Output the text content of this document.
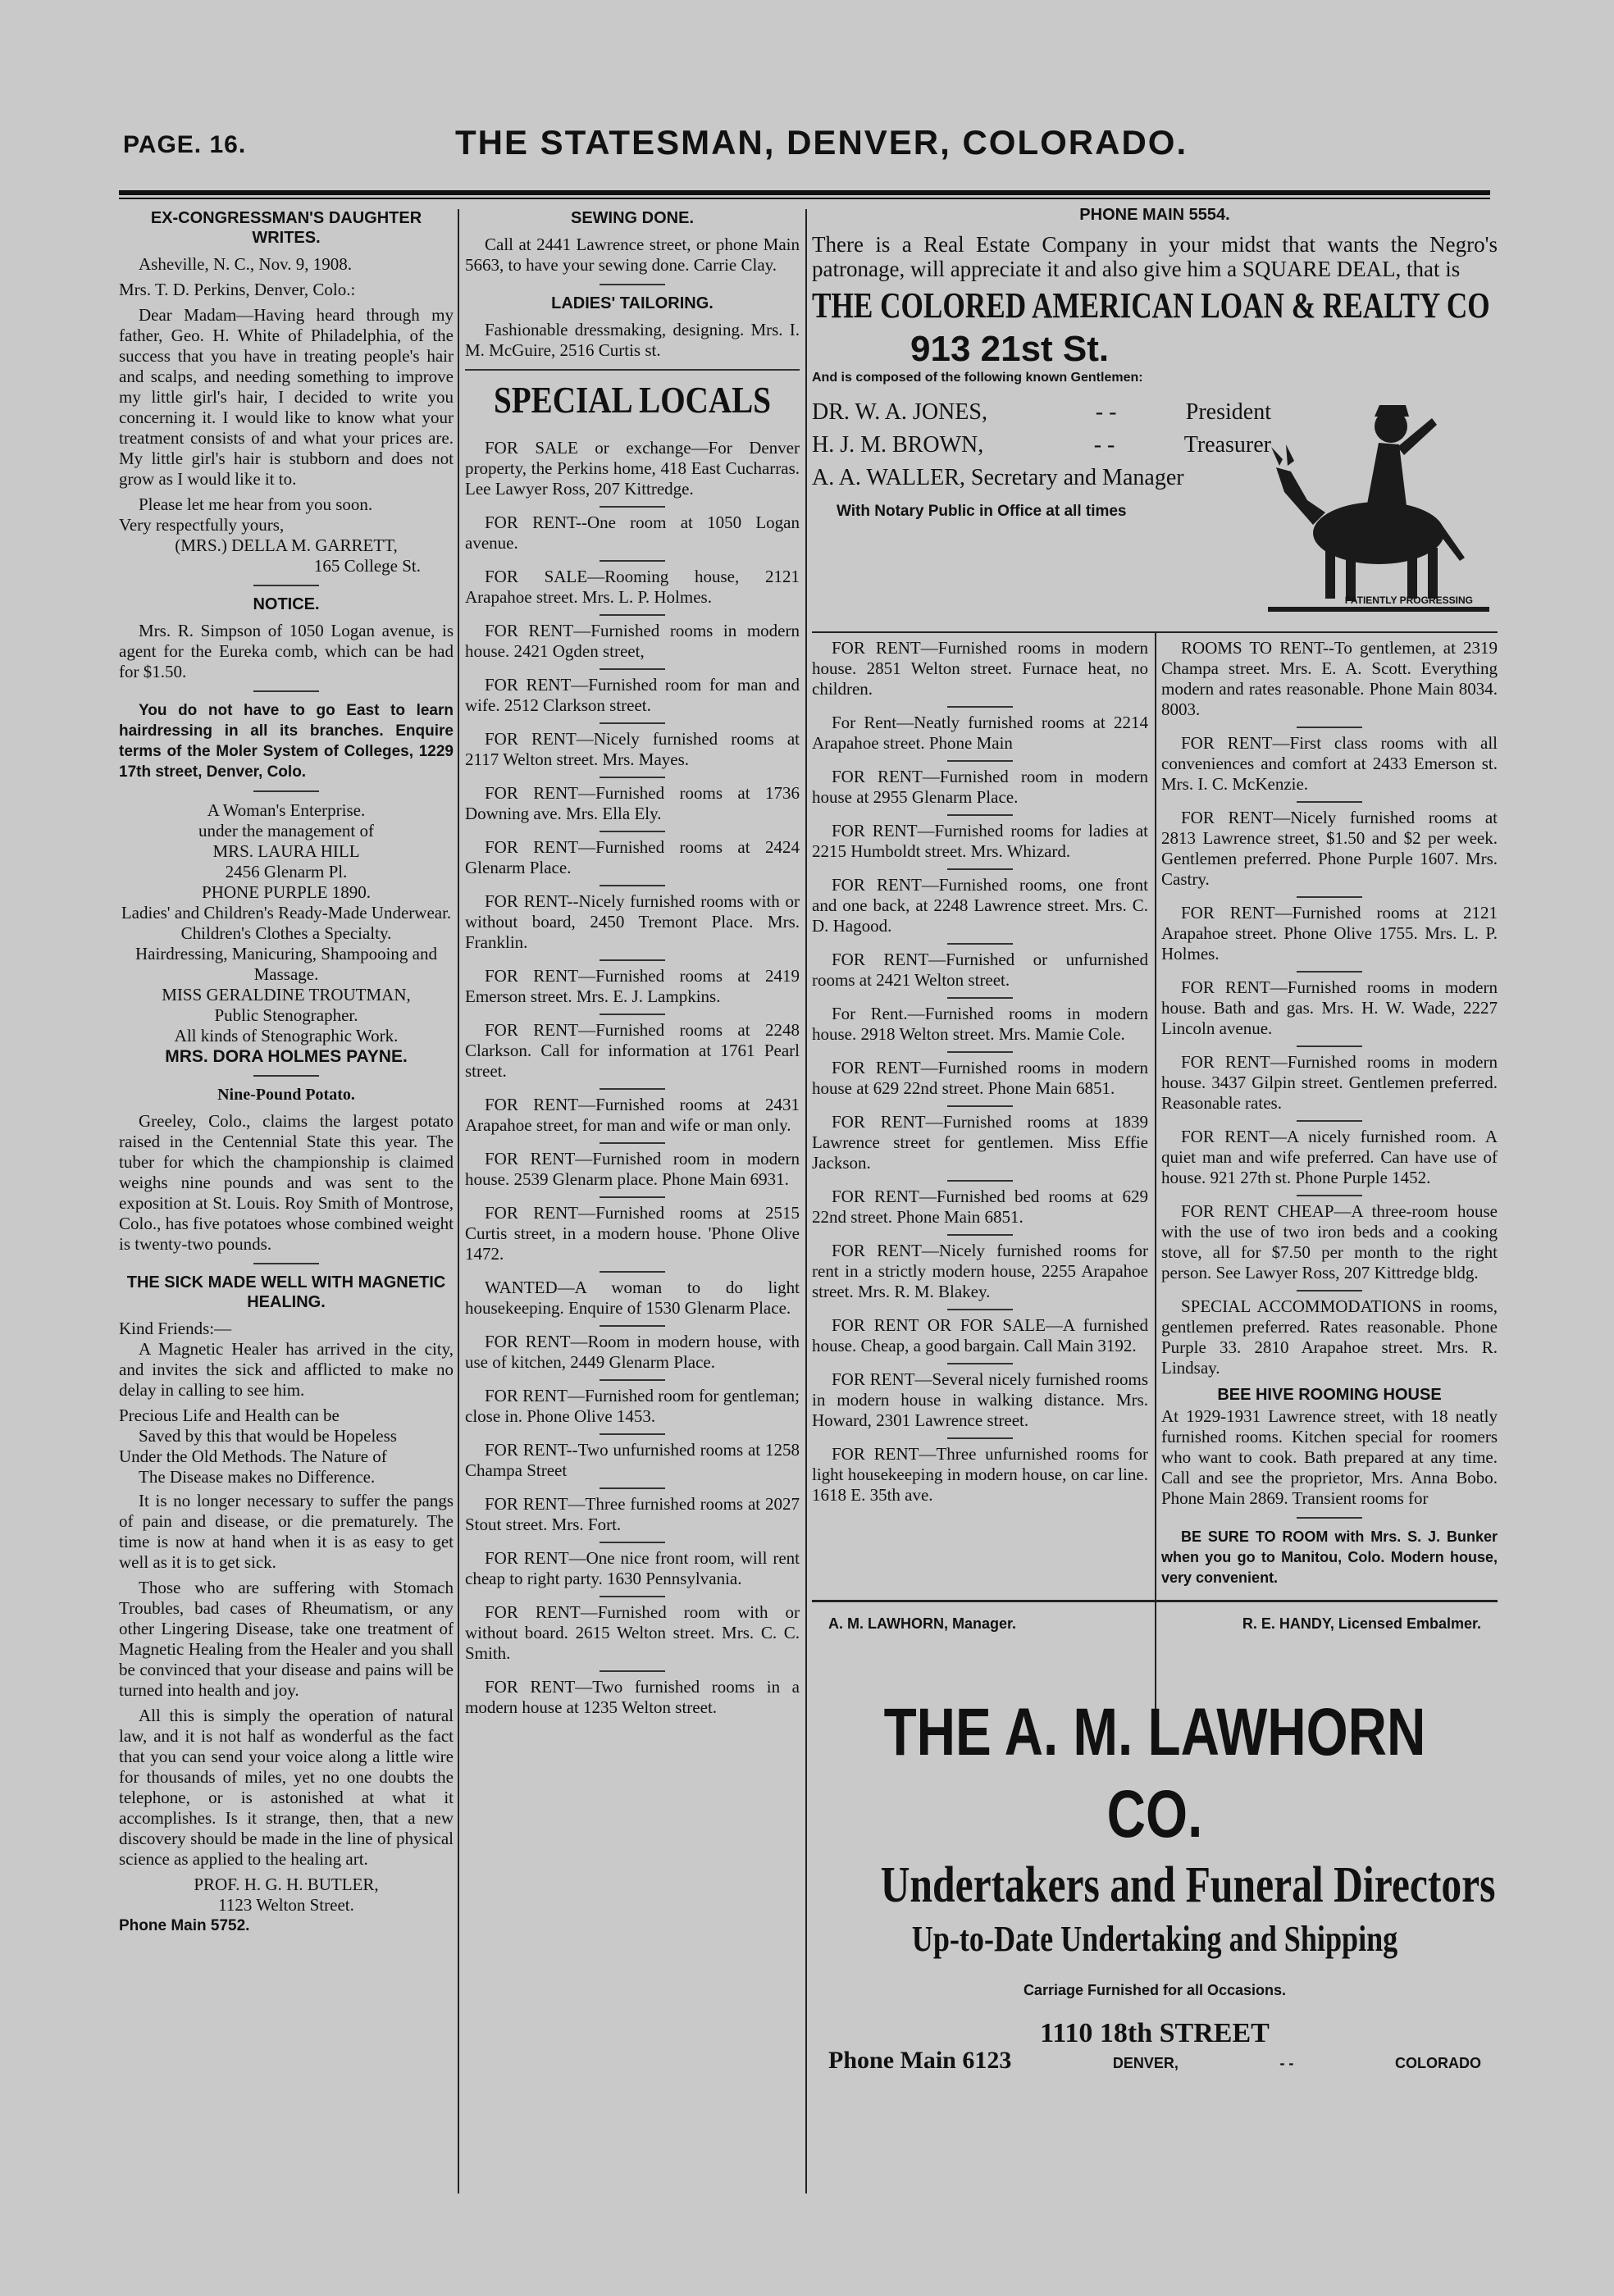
PAGE. 16.	THE STATESMAN, DENVER, COLORADO.
EX-CONGRESSMAN'S DAUGHTER WRITES.

Asheville, N. C., Nov. 9, 1908.

Mrs. T. D. Perkins, Denver, Colo.:

Dear Madam—Having heard through my father, Geo. H. White of Philadelphia, of the success that you have in treating people's hair and scalps, and needing something to improve my little girl's hair, I decided to write you concerning it. I would like to know what your treatment consists of and what your prices are. My little girl's hair is stubborn and does not grow as I would like it to.

Please let me hear from you soon.

Very respectfully yours,

(MRS.) DELLA M. GARRETT,

165 College St.

NOTICE.

Mrs. R. Simpson of 1050 Logan avenue, is agent for the Eureka comb, which can be had for $1.50.

You do not have to go East to learn hairdressing in all its branches. Enquire terms of the Moler System of Colleges, 1229 17th street, Denver, Colo.

A Woman's Enterprise.

under the management of

MRS. LAURA HILL

2456 Glenarm Pl.

PHONE PURPLE 1890.

Ladies' and Children's Ready-Made Underwear.

Children's Clothes a Specialty.

Hairdressing, Manicuring, Shampooing and Massage.

MISS GERALDINE TROUTMAN,

Public Stenographer.

All kinds of Stenographic Work.

MRS. DORA HOLMES PAYNE.

Nine-Pound Potato.

Greeley, Colo., claims the largest potato raised in the Centennial State this year. The tuber for which the championship is claimed weighs nine pounds and was sent to the exposition at St. Louis. Roy Smith of Montrose, Colo., has five potatoes whose combined weight is twenty-two pounds.

THE SICK MADE WELL WITH MAGNETIC HEALING.

Kind Friends:—

A Magnetic Healer has arrived in the city, and invites the sick and afflicted to make no delay in calling to see him.

Precious Life and Health can be

Saved by this that would be Hopeless

Under the Old Methods. The Nature of

The Disease makes no Difference.

It is no longer necessary to suffer the pangs of pain and disease, or die prematurely. The time is now at hand when it is as easy to get well as it is to get sick.

Those who are suffering with Stomach Troubles, bad cases of Rheumatism, or any other Lingering Disease, take one treatment of Magnetic Healing from the Healer and you shall be convinced that your disease and pains will be turned into health and joy.

All this is simply the operation of natural law, and it is not half as wonderful as the fact that you can send your voice along a little wire for thousands of miles, yet no one doubts the telephone, or is astonished at what it accomplishes. Is it strange, then, that a new discovery should be made in the line of physical science as applied to the healing art.

PROF. H. G. H. BUTLER,

1123 Welton Street.

Phone Main 5752.

SEWING DONE.

Call at 2441 Lawrence street, or phone Main 5663, to have your sewing done. Carrie Clay.

LADIES' TAILORING.

Fashionable dressmaking, designing. Mrs. I. M. McGuire, 2516 Curtis st.

SPECIAL LOCALS

FOR SALE or exchange—For Denver property, the Perkins home, 418 East Cucharras. Lee Lawyer Ross, 207 Kittredge.

FOR RENT--One room at 1050 Logan avenue.

FOR SALE—Rooming house, 2121 Arapahoe street. Mrs. L. P. Holmes.

FOR RENT—Furnished rooms in modern house. 2421 Ogden street,

FOR RENT—Furnished room for man and wife. 2512 Clarkson street.

FOR RENT—Nicely furnished rooms at 2117 Welton street. Mrs. Mayes.

FOR RENT—Furnished rooms at 1736 Downing ave. Mrs. Ella Ely.

FOR RENT—Furnished rooms at 2424 Glenarm Place.

FOR RENT--Nicely furnished rooms with or without board, 2450 Tremont Place. Mrs. Franklin.

FOR RENT—Furnished rooms at 2419 Emerson street. Mrs. E. J. Lampkins.

FOR RENT—Furnished rooms at 2248 Clarkson. Call for information at 1761 Pearl street.

FOR RENT—Furnished rooms at 2431 Arapahoe street, for man and wife or man only.

FOR RENT—Furnished room in modern house. 2539 Glenarm place. Phone Main 6931.

FOR RENT—Furnished rooms at 2515 Curtis street, in a modern house. 'Phone Olive 1472.

WANTED—A woman to do light housekeeping. Enquire of 1530 Glenarm Place.

FOR RENT—Room in modern house, with use of kitchen, 2449 Glenarm Place.

FOR RENT—Furnished room for gentleman; close in. Phone Olive 1453.

FOR RENT--Two unfurnished rooms at 1258 Champa Street

FOR RENT—Three furnished rooms at 2027 Stout street. Mrs. Fort.

FOR RENT—One nice front room, will rent cheap to right party. 1630 Pennsylvania.

FOR RENT—Furnished room with or without board. 2615 Welton street. Mrs. C. C. Smith.

FOR RENT—Two furnished rooms in a modern house at 1235 Welton street.

PHONE MAIN 5554.

There is a Real Estate Company in your midst that wants the Negro's patronage, will appreciate it and also give him a SQUARE DEAL, that is

THE COLORED AMERICAN LOAN & REALTY CO
913 21st St.
And is composed of the following known Gentlemen:
DR. W. A. JONES,	- -	President
H. J. M. BROWN,	- -	Treasurer
A. A. WALLER, Secretary and Manager
With Notary Public in Office at all times
PATIENTLY PROGRESSING

FOR RENT—Furnished rooms in modern house. 2851 Welton street. Furnace heat, no children.

For Rent—Neatly furnished rooms at 2214 Arapahoe street. Phone Main

FOR RENT—Furnished room in modern house at 2955 Glenarm Place.

FOR RENT—Furnished rooms for ladies at 2215 Humboldt street. Mrs. Whizard.

FOR RENT—Furnished rooms, one front and one back, at 2248 Lawrence street. Mrs. C. D. Hagood.

FOR RENT—Furnished or unfurnished rooms at 2421 Welton street.

For Rent.—Furnished rooms in modern house. 2918 Welton street. Mrs. Mamie Cole.

FOR RENT—Furnished rooms in modern house at 629 22nd street. Phone Main 6851.

FOR RENT—Furnished rooms at 1839 Lawrence street for gentlemen. Miss Effie Jackson.

FOR RENT—Furnished bed rooms at 629 22nd street. Phone Main 6851.

FOR RENT—Nicely furnished rooms for rent in a strictly modern house, 2255 Arapahoe street. Mrs. R. M. Blakey.

FOR RENT OR FOR SALE—A furnished house. Cheap, a good bargain. Call Main 3192.

FOR RENT—Several nicely furnished rooms in modern house in walking distance. Mrs. Howard, 2301 Lawrence street.

FOR RENT—Three unfurnished rooms for light housekeeping in modern house, on car line. 1618 E. 35th ave.

ROOMS TO RENT--To gentlemen, at 2319 Champa street. Mrs. E. A. Scott. Everything modern and rates reasonable. Phone Main 8034. 8003.

FOR RENT—First class rooms with all conveniences and comfort at 2433 Emerson st. Mrs. I. C. McKenzie.

FOR RENT—Nicely furnished rooms at 2813 Lawrence street, $1.50 and $2 per week. Gentlemen preferred. Phone Purple 1607. Mrs. Castry.

FOR RENT—Furnished rooms at 2121 Arapahoe street. Phone Olive 1755. Mrs. L. P. Holmes.

FOR RENT—Furnished rooms in modern house. Bath and gas. Mrs. H. W. Wade, 2227 Lincoln avenue.

FOR RENT—Furnished rooms in modern house. 3437 Gilpin street. Gentlemen preferred. Reasonable rates.

FOR RENT—A nicely furnished room. A quiet man and wife preferred. Can have use of house. 921 27th st. Phone Purple 1452.

FOR RENT CHEAP—A three-room house with the use of two iron beds and a cooking stove, all for $7.50 per month to the right person. See Lawyer Ross, 207 Kittredge bldg.

SPECIAL ACCOMMODATIONS in rooms, gentlemen preferred. Rates reasonable. Phone Purple 33. 2810 Arapahoe street. Mrs. R. Lindsay.

BEE HIVE ROOMING HOUSE

At 1929-1931 Lawrence street, with 18 neatly furnished rooms. Kitchen special for roomers who want to cook. Bath prepared at any time. Call and see the proprietor, Mrs. Anna Bobo. Phone Main 2869. Transient rooms for

BE SURE TO ROOM with Mrs. S. J. Bunker when you go to Manitou, Colo. Modern house, very convenient.

A. M. LAWHORN, Manager.	R. E. HANDY, Licensed Embalmer.
THE A. M. LAWHORN CO.
Undertakers and Funeral Directors
Up-to-Date Undertaking and Shipping
Carriage Furnished for all Occasions.
1110 18th STREET
Phone Main 6123	DENVER,	- -	COLORADO
